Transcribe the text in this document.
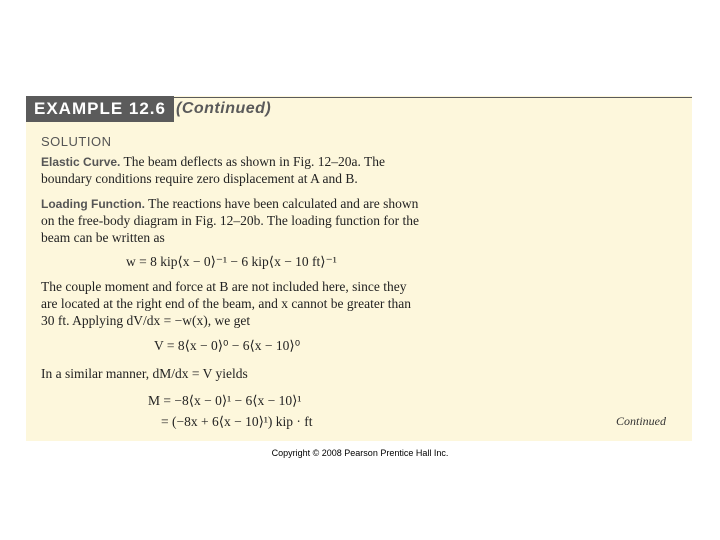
EXAMPLE 12.6 (Continued)
SOLUTION
Elastic Curve. The beam deflects as shown in Fig. 12–20a. The
boundary conditions require zero displacement at A and B.
Loading Function. The reactions have been calculated and are shown
on the free-body diagram in Fig. 12–20b. The loading function for the
beam can be written as
w = 8 kip⟨x − 0⟩⁻¹ − 6 kip⟨x − 10 ft⟩⁻¹
The couple moment and force at B are not included here, since they
are located at the right end of the beam, and x cannot be greater than
30 ft. Applying dV/dx = −w(x), we get
V = 8⟨x − 0⟩⁰ − 6⟨x − 10⟩⁰
In a similar manner, dM/dx = V yields
M = −8⟨x − 0⟩¹ − 6⟨x − 10⟩¹
= (−8x + 6⟨x − 10⟩¹) kip · ft	Continued
Copyright © 2008 Pearson Prentice Hall Inc.
